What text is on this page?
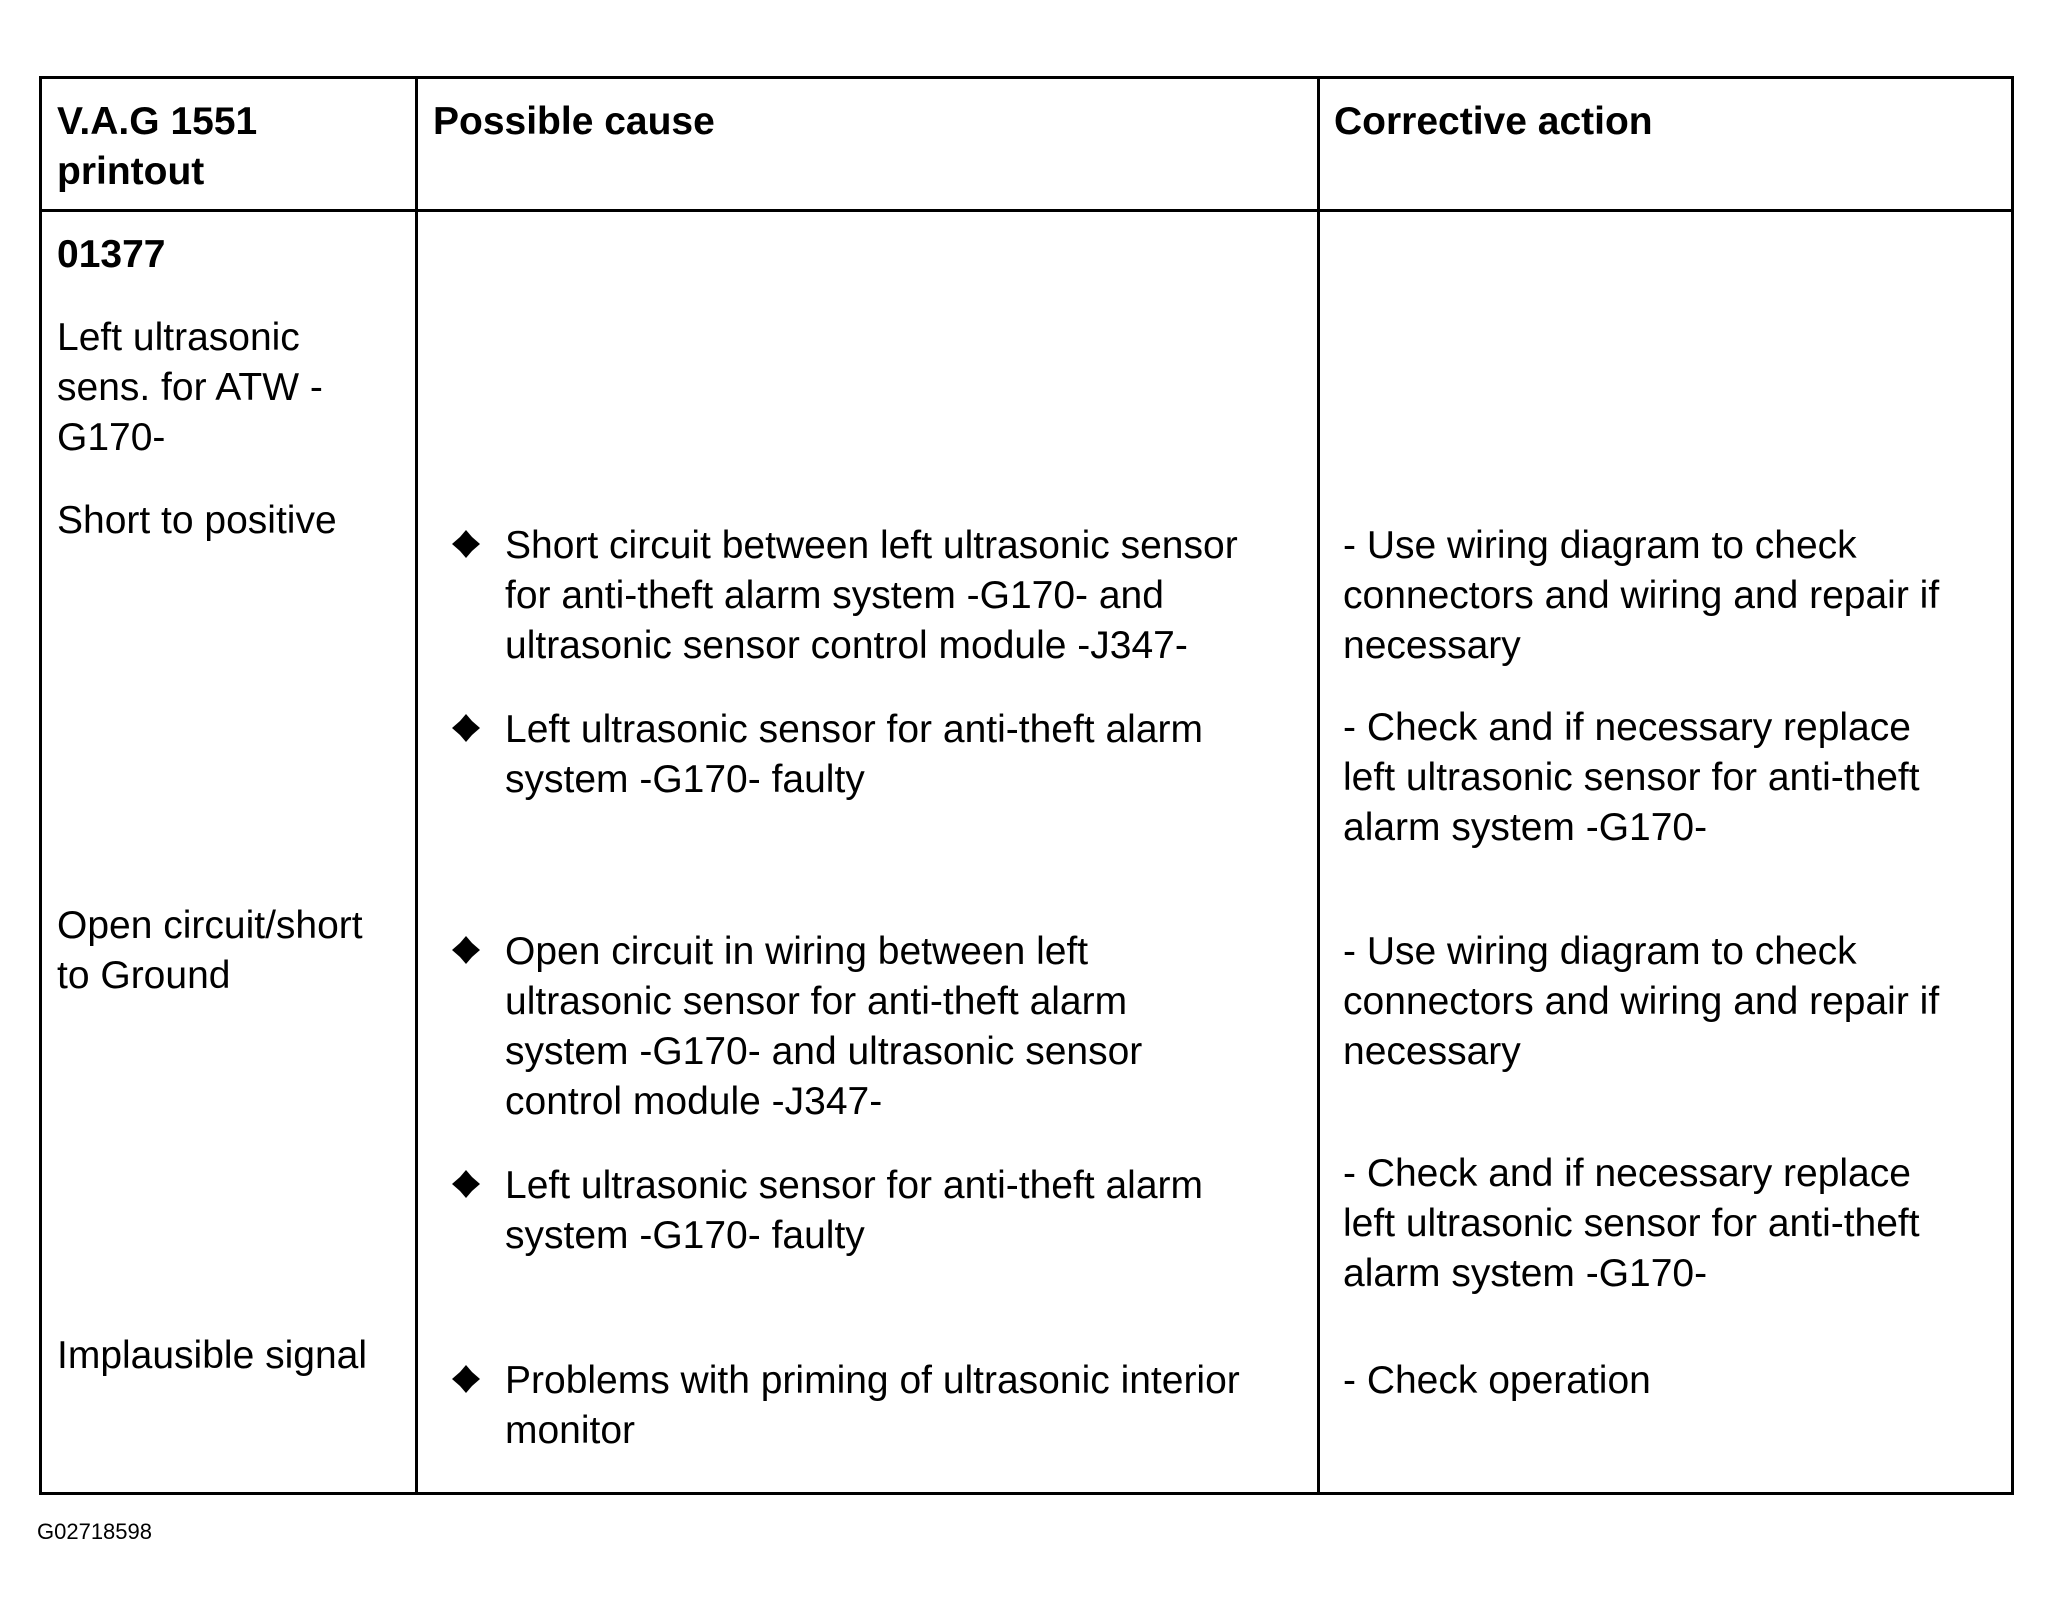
V.A.G 1551
printout
Possible cause	Corrective action
01377
Left ultrasonic
sens. for ATW -
G170-
Short to positive
Short circuit between left ultrasonic sensor
for anti-theft alarm system -G170- and
ultrasonic sensor control module -J347-
- Use wiring diagram to check
connectors and wiring and repair if
necessary
Left ultrasonic sensor for anti-theft alarm
system -G170- faulty
- Check and if necessary replace
left ultrasonic sensor for anti-theft
alarm system -G170-
Open circuit/short
to Ground
Open circuit in wiring between left
ultrasonic sensor for anti-theft alarm
system -G170- and ultrasonic sensor
control module -J347-
- Use wiring diagram to check
connectors and wiring and repair if
necessary
Left ultrasonic sensor for anti-theft alarm
system -G170- faulty
- Check and if necessary replace
left ultrasonic sensor for anti-theft
alarm system -G170-
Implausible signal
Problems with priming of ultrasonic interior
monitor
- Check operation
G02718598
